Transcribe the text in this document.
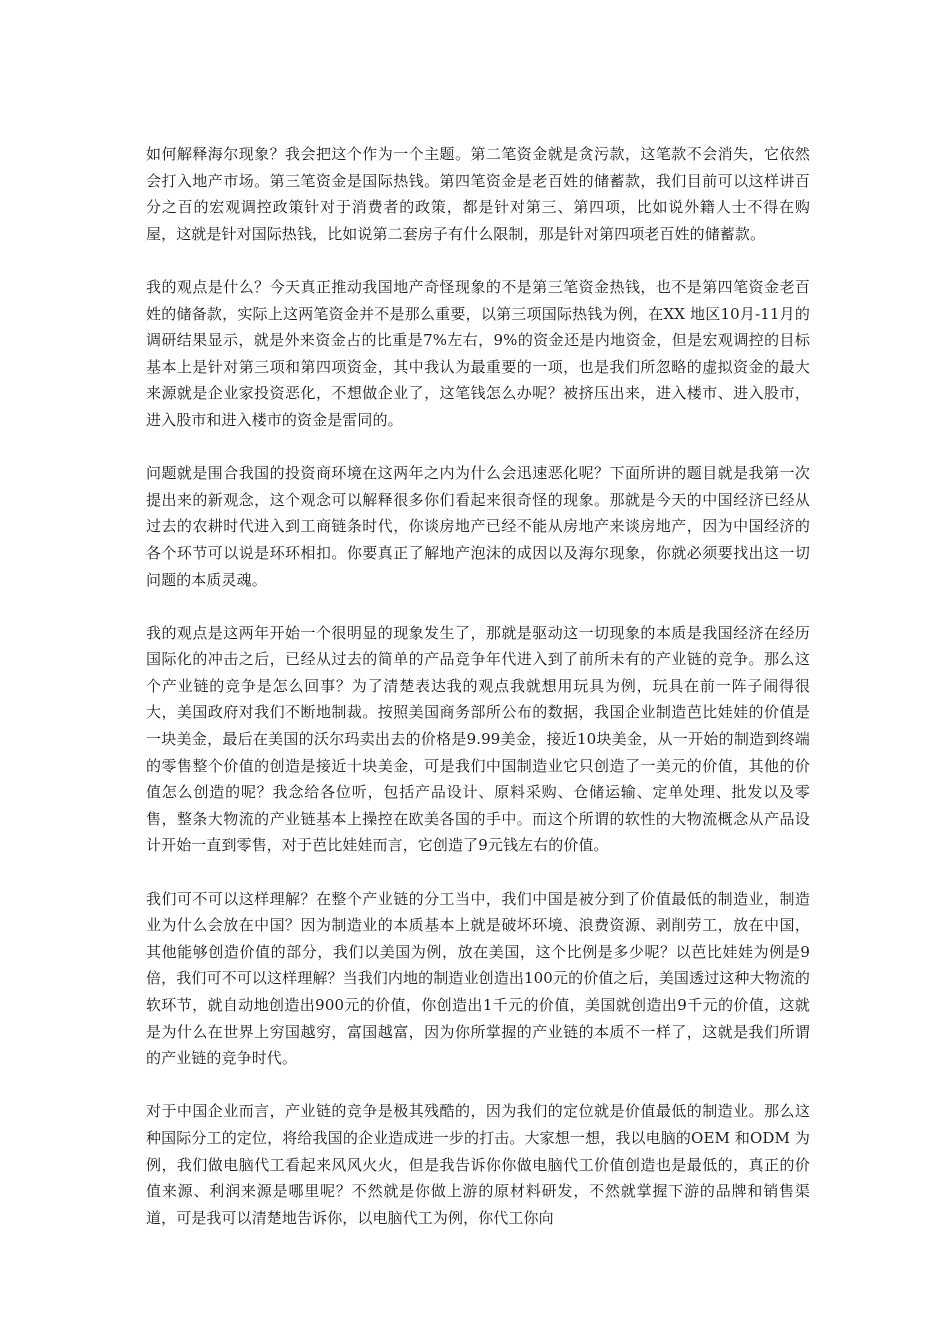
如何解释海尔现象？我会把这个作为一个主题。第二笔资金就是贪污款，这笔款不会消失，它依然会打入地产市场。第三笔资金是国际热钱。第四笔资金是老百姓的储蓄款，我们目前可以这样讲百分之百的宏观调控政策针对于消费者的政策，都是针对第三、第四项，比如说外籍人士不得在购屋，这就是针对国际热钱，比如说第二套房子有什么限制，那是针对第四项老百姓的储蓄款。

我的观点是什么？今天真正推动我国地产奇怪现象的不是第三笔资金热钱，也不是第四笔资金老百姓的储备款，实际上这两笔资金并不是那么重要，以第三项国际热钱为例，在XX 地区10月-11月的调研结果显示，就是外来资金占的比重是7%左右，9%的资金还是内地资金，但是宏观调控的目标基本上是针对第三项和第四项资金，其中我认为最重要的一项，也是我们所忽略的虚拟资金的最大来源就是企业家投资恶化，不想做企业了，这笔钱怎么办呢？被挤压出来，进入楼市、进入股市，进入股市和进入楼市的资金是雷同的。

问题就是围合我国的投资商环境在这两年之内为什么会迅速恶化呢？下面所讲的题目就是我第一次提出来的新观念，这个观念可以解释很多你们看起来很奇怪的现象。那就是今天的中国经济已经从过去的农耕时代进入到工商链条时代，你谈房地产已经不能从房地产来谈房地产，因为中国经济的各个环节可以说是环环相扣。你要真正了解地产泡沫的成因以及海尔现象，你就必须要找出这一切问题的本质灵魂。

我的观点是这两年开始一个很明显的现象发生了，那就是驱动这一切现象的本质是我国经济在经历国际化的冲击之后，已经从过去的简单的产品竞争年代进入到了前所未有的产业链的竞争。那么这个产业链的竞争是怎么回事？为了清楚表达我的观点我就想用玩具为例，玩具在前一阵子闹得很大，美国政府对我们不断地制裁。按照美国商务部所公布的数据，我国企业制造芭比娃娃的价值是一块美金，最后在美国的沃尔玛卖出去的价格是9.99美金，接近10块美金，从一开始的制造到终端的零售整个价值的创造是接近十块美金，可是我们中国制造业它只创造了一美元的价值，其他的价值怎么创造的呢？我念给各位听，包括产品设计、原料采购、仓储运输、定单处理、批发以及零售，整条大物流的产业链基本上操控在欧美各国的手中。而这个所谓的软性的大物流概念从产品设计开始一直到零售，对于芭比娃娃而言，它创造了9元钱左右的价值。

我们可不可以这样理解？在整个产业链的分工当中，我们中国是被分到了价值最低的制造业，制造业为什么会放在中国？因为制造业的本质基本上就是破坏环境、浪费资源、剥削劳工，放在中国，其他能够创造价值的部分，我们以美国为例，放在美国，这个比例是多少呢？以芭比娃娃为例是9倍，我们可不可以这样理解？当我们内地的制造业创造出100元的价值之后，美国透过这种大物流的软环节，就自动地创造出900元的价值，你创造出1千元的价值，美国就创造出9千元的价值，这就是为什么在世界上穷国越穷，富国越富，因为你所掌握的产业链的本质不一样了，这就是我们所谓的产业链的竞争时代。

对于中国企业而言，产业链的竞争是极其残酷的，因为我们的定位就是价值最低的制造业。那么这种国际分工的定位，将给我国的企业造成进一步的打击。大家想一想，我以电脑的OEM 和ODM 为例，我们做电脑代工看起来风风火火，但是我告诉你你做电脑代工价值创造也是最低的，真正的价值来源、利润来源是哪里呢？不然就是你做上游的原材料研发，不然就掌握下游的品牌和销售渠道，可是我可以清楚地告诉你，以电脑代工为例，你代工你向
